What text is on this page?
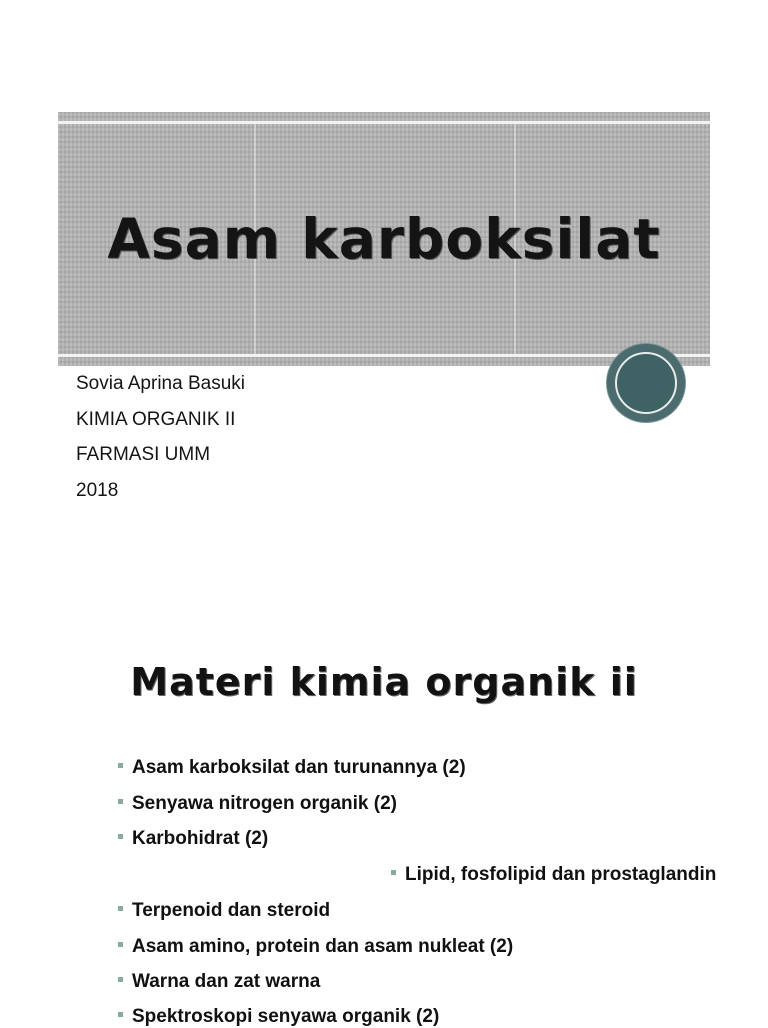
Asam karboksilat
Sovia Aprina Basuki
KIMIA ORGANIK II
FARMASI UMM
2018
Materi kimia organik ii
Asam karboksilat dan turunannya (2)
Senyawa nitrogen organik (2)
Karbohidrat (2)
Lipid, fosfolipid dan prostaglandin
Terpenoid dan steroid
Asam amino, protein dan asam nukleat (2)
Warna dan zat warna
Spektroskopi senyawa organik (2)
